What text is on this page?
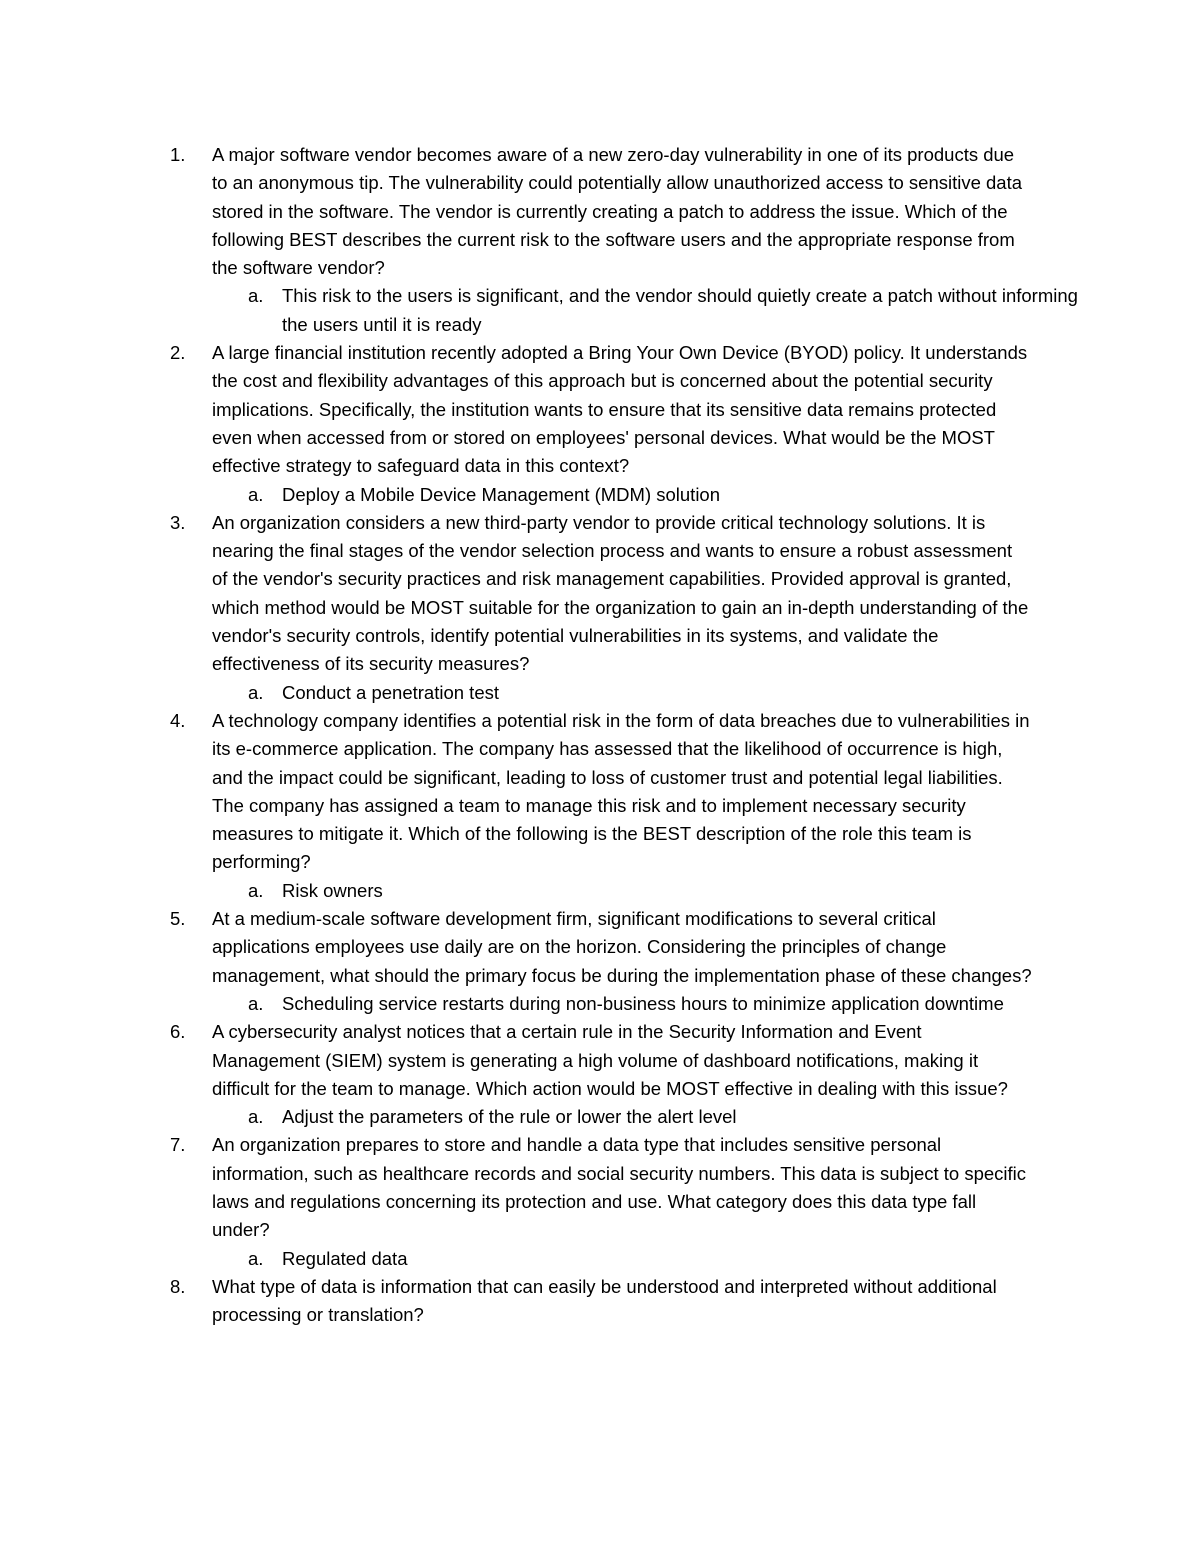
1.	A major software vendor becomes aware of a new zero-day vulnerability in one of its products due to an anonymous tip. The vulnerability could potentially allow unauthorized access to sensitive data stored in the software. The vendor is currently creating a patch to address the issue. Which of the following BEST describes the current risk to the software users and the appropriate response from the software vendor?
a. This risk to the users is significant, and the vendor should quietly create a patch without informing the users until it is ready
2.	A large financial institution recently adopted a Bring Your Own Device (BYOD) policy. It understands the cost and flexibility advantages of this approach but is concerned about the potential security implications. Specifically, the institution wants to ensure that its sensitive data remains protected even when accessed from or stored on employees' personal devices. What would be the MOST effective strategy to safeguard data in this context?
a. Deploy a Mobile Device Management (MDM) solution
3.	An organization considers a new third-party vendor to provide critical technology solutions. It is nearing the final stages of the vendor selection process and wants to ensure a robust assessment of the vendor's security practices and risk management capabilities. Provided approval is granted, which method would be MOST suitable for the organization to gain an in-depth understanding of the vendor's security controls, identify potential vulnerabilities in its systems, and validate the effectiveness of its security measures?
a. Conduct a penetration test
4.	A technology company identifies a potential risk in the form of data breaches due to vulnerabilities in its e-commerce application. The company has assessed that the likelihood of occurrence is high, and the impact could be significant, leading to loss of customer trust and potential legal liabilities. The company has assigned a team to manage this risk and to implement necessary security measures to mitigate it. Which of the following is the BEST description of the role this team is performing?
a. Risk owners
5.	At a medium-scale software development firm, significant modifications to several critical applications employees use daily are on the horizon. Considering the principles of change management, what should the primary focus be during the implementation phase of these changes?
a. Scheduling service restarts during non-business hours to minimize application downtime
6.	A cybersecurity analyst notices that a certain rule in the Security Information and Event Management (SIEM) system is generating a high volume of dashboard notifications, making it difficult for the team to manage. Which action would be MOST effective in dealing with this issue?
a. Adjust the parameters of the rule or lower the alert level
7.	An organization prepares to store and handle a data type that includes sensitive personal information, such as healthcare records and social security numbers. This data is subject to specific laws and regulations concerning its protection and use. What category does this data type fall under?
a. Regulated data
8.	What type of data is information that can easily be understood and interpreted without additional processing or translation?
